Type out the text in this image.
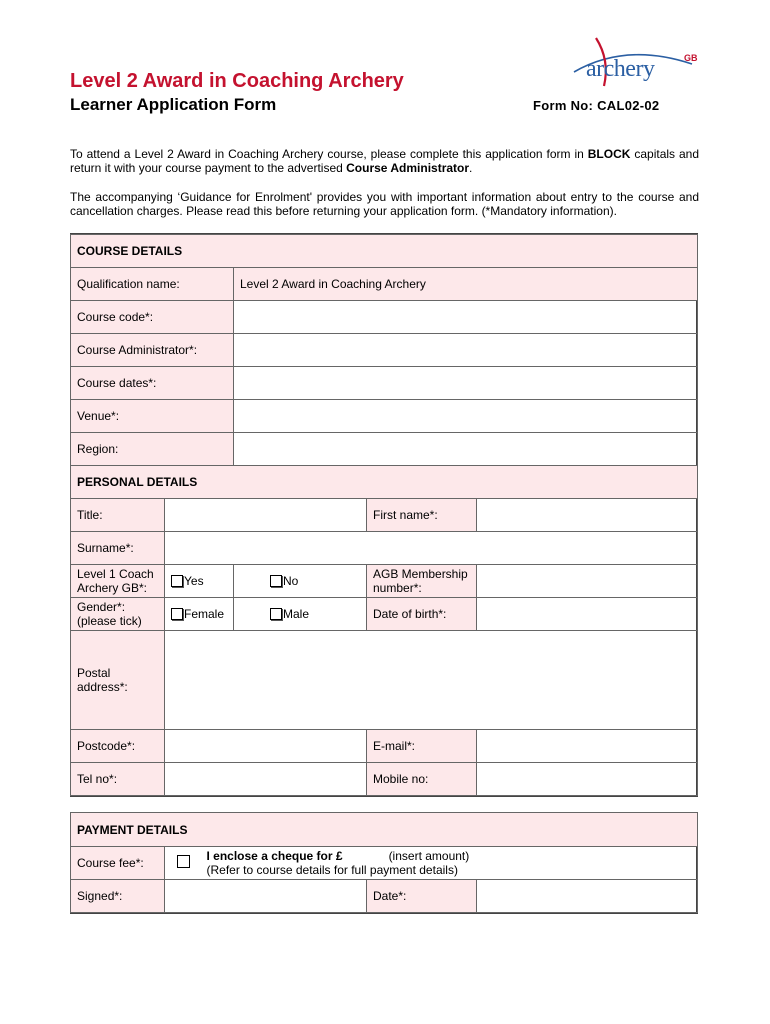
Level 2 Award in Coaching Archery
Learner Application Form	Form No: CAL02-02
archery	GB
To attend a Level 2 Award in Coaching Archery course, please complete this application form in BLOCK capitals and return it with your course payment to the advertised Course Administrator.
The accompanying ‘Guidance for Enrolment' provides you with important information about entry to the course and cancellation charges. Please read this before returning your application form. (*Mandatory information).
COURSE DETAILS				
Qualification name:		Level 2 Award in Coaching Archery		
Course code*:				
Course Administrator*:				
Course dates*:				
Venue*:				
Region:				
PERSONAL DETAILS				
Title:			First name*:	
Surname*:				
Level 1 Coach Archery GB*:	Yes	No	AGB Membership number*:	
Gender*: (please tick)	Female	Male	Date of birth*:	
Postal address*:				
Postcode*:			E-mail*:	
Tel no*:			Mobile no:	
PAYMENT DETAILS				
Course fee*:		I enclose a cheque for £ (insert amount)
(Refer to course details for full payment details)		

Signed*:			Date*:	
